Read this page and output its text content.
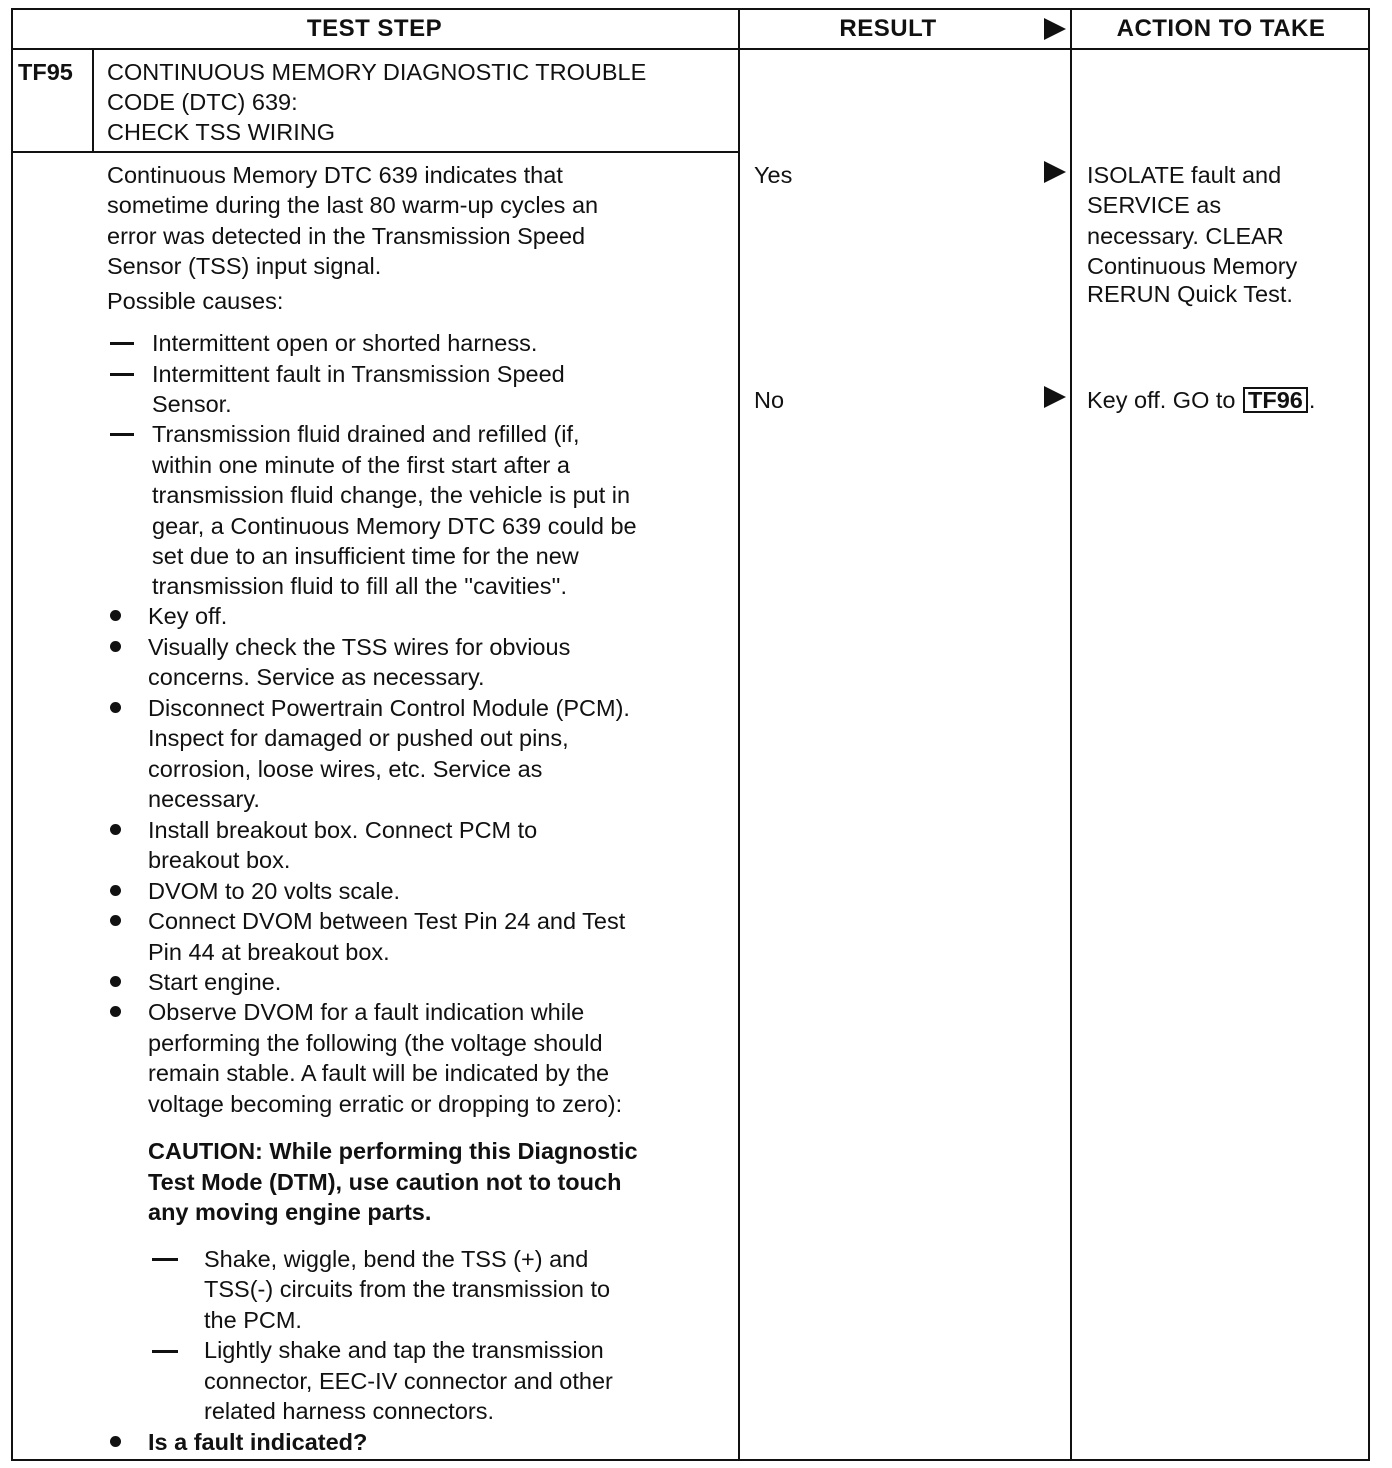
TEST STEP	RESULT	ACTION TO TAKE
TF95 CONTINUOUS MEMORY DIAGNOSTIC TROUBLE
CODE (DTC) 639:
CHECK TSS WIRING
Continuous Memory DTC 639 indicates that
sometime during the last 80 warm-up cycles an
error was detected in the Transmission Speed
Sensor (TSS) input signal.
Possible causes:
Intermittent open or shorted harness.
Intermittent fault in Transmission Speed
Sensor.
Transmission fluid drained and refilled (if,
within one minute of the first start after a
transmission fluid change, the vehicle is put in
gear, a Continuous Memory DTC 639 could be
set due to an insufficient time for the new
transmission fluid to fill all the ''cavities''.
Key off.
Visually check the TSS wires for obvious
concerns. Service as necessary.
Disconnect Powertrain Control Module (PCM).
Inspect for damaged or pushed out pins,
corrosion, loose wires, etc. Service as
necessary.
Install breakout box. Connect PCM to
breakout box.
DVOM to 20 volts scale.
Connect DVOM between Test Pin 24 and Test
Pin 44 at breakout box.
Start engine.
Observe DVOM for a fault indication while
performing the following (the voltage should
remain stable. A fault will be indicated by the
voltage becoming erratic or dropping to zero):
CAUTION: While performing this Diagnostic
Test Mode (DTM), use caution not to touch
any moving engine parts.
Shake, wiggle, bend the TSS (+) and
TSS(-) circuits from the transmission to
the PCM.
Lightly shake and tap the transmission
connector, EEC-IV connector and other
related harness connectors.
Is a fault indicated?
Yes
No
ISOLATE fault and
SERVICE as
necessary. CLEAR
Continuous Memory
RERUN Quick Test.
Key off. GO to TF96 .
